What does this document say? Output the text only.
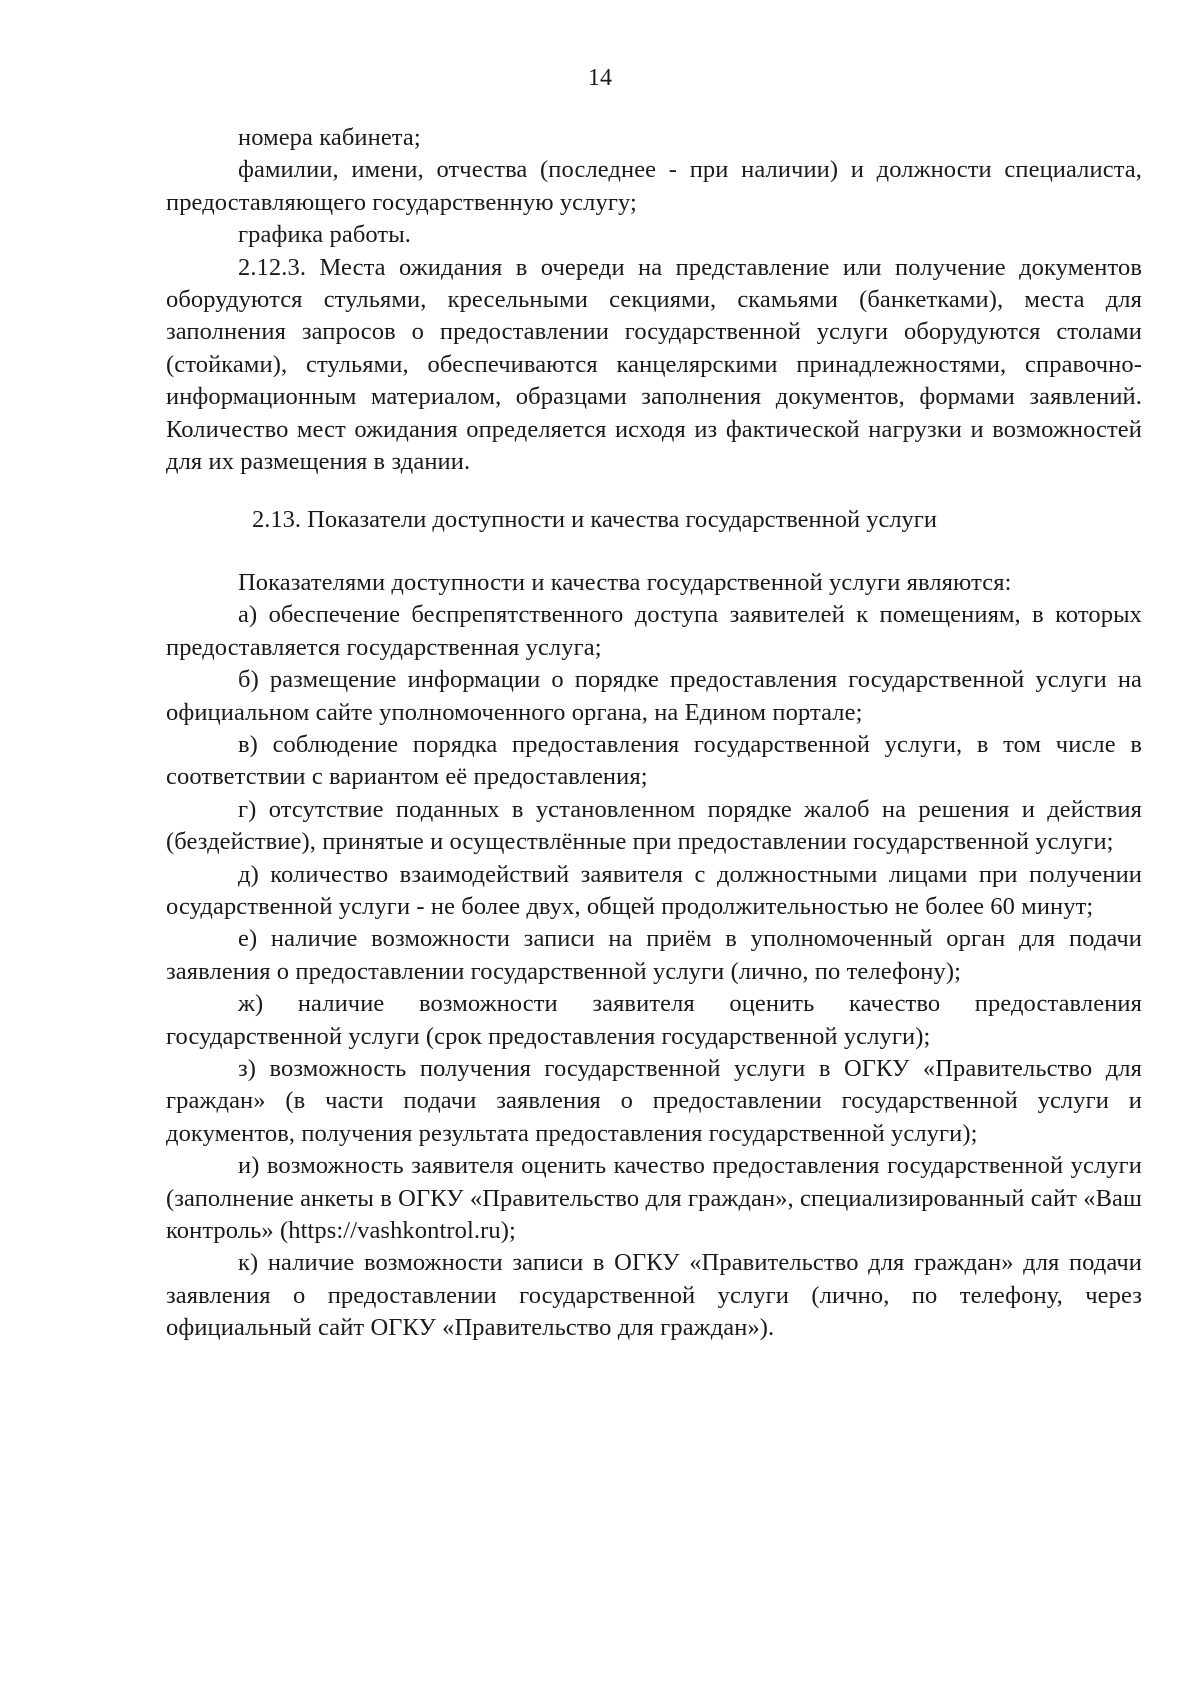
14

номера кабинета;

фамилии, имени, отчества (последнее - при наличии) и должности специалиста, предоставляющего государственную услугу;

графика работы.

2.12.3. Места ожидания в очереди на представление или получение документов оборудуются стульями, кресельными секциями, скамьями (банкетками), места для заполнения запросов о предоставлении государственной услуги оборудуются столами (стойками), стульями, обеспечиваются канцелярскими принадлежностями, справочно-информационным материалом, образцами заполнения документов, формами заявлений. Количество мест ожидания определяется исходя из фактической нагрузки и возможностей для их размещения в здании.

2.13. Показатели доступности и качества государственной услуги

Показателями доступности и качества государственной услуги являются:

а) обеспечение беспрепятственного доступа заявителей к помещениям, в которых предоставляется государственная услуга;

б) размещение информации о порядке предоставления государственной услуги на официальном сайте уполномоченного органа, на Едином портале;

в) соблюдение порядка предоставления государственной услуги, в том числе в соответствии с вариантом её предоставления;

г) отсутствие поданных в установленном порядке жалоб на решения и действия (бездействие), принятые и осуществлённые при предоставлении государственной услуги;

д) количество взаимодействий заявителя с должностными лицами при получении осударственной услуги - не более двух, общей продолжительностью не более 60 минут;

е) наличие возможности записи на приём в уполномоченный орган для подачи заявления о предоставлении государственной услуги (лично, по телефону);

ж) наличие возможности заявителя оценить качество предоставления государственной услуги (срок предоставления государственной услуги);

з) возможность получения государственной услуги в ОГКУ «Правительство для граждан» (в части подачи заявления о предоставлении государственной услуги и документов, получения результата предоставления государственной услуги);

и) возможность заявителя оценить качество предоставления государственной услуги (заполнение анкеты в ОГКУ «Правительство для граждан», специализированный сайт «Ваш контроль» (https://vashkontrol.ru);

к) наличие возможности записи в ОГКУ «Правительство для граждан» для подачи заявления о предоставлении государственной услуги (лично, по телефону, через официальный сайт ОГКУ «Правительство для граждан»).
